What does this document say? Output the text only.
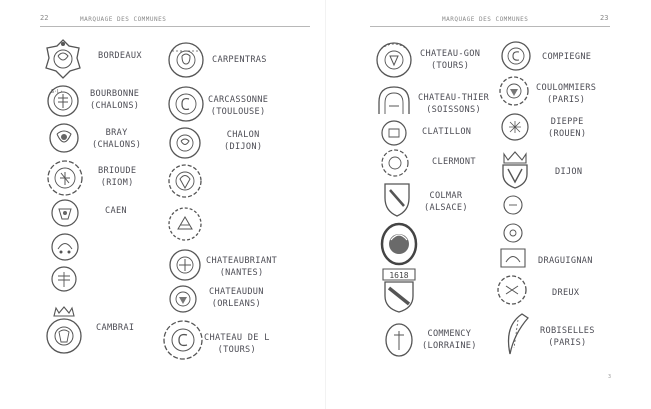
22	MARQUAGE DES COMMUNES
BORDEAUX
S·L·	BOURBONNE
(CHALONS)
BRAY
(CHALONS)
BRIOUDE
(RIOM)
CAEN
CAMBRAI
CARPENTRAS
CARCASSONNE
(TOULOUSE)
CHALON
(DIJON)
CHATEAUBRIANT
(NANTES)
CHATEAUDUN
(ORLEANS)
CHATEAU DE L
(TOURS)
MARQUAGE DES COMMUNES	23
CHATEAU-GON
(TOURS)
CHATEAU-THIER
(SOISSONS)
CLATILLON
CLERMONT
COLMAR
(ALSACE)
1618
COMMENCY
(LORRAINE)
COMPIEGNE
COULOMMIERS
(PARIS)
DIEPPE
(ROUEN)
DIJON
DRAGUIGNAN
DREUX
ROBISELLES
(PARIS)
3
